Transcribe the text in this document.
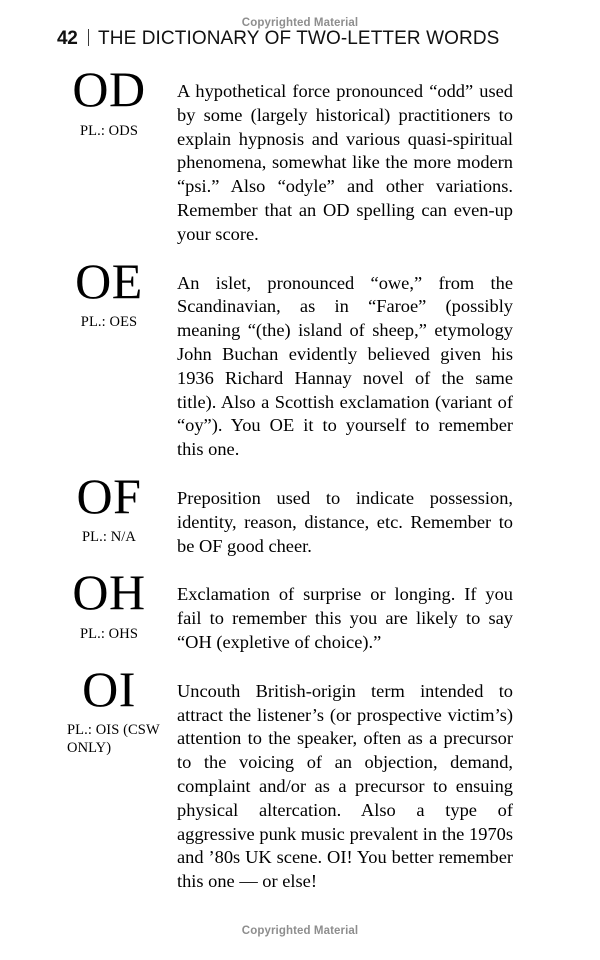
Copyrighted Material
42 THE DICTIONARY OF TWO-LETTER WORDS
OD
PL.: ODS
A hypothetical force pronounced “odd” used by some (largely historical) practitioners to explain hypnosis and various quasi-spiritual phenomena, somewhat like the more modern “psi.” Also “odyle” and other variations. Remember that an OD spelling can even-up your score.
OE
PL.: OES
An islet, pronounced “owe,” from the Scandinavian, as in “Faroe” (possibly meaning “(the) island of sheep,” etymology John Buchan evidently believed given his 1936 Richard Hannay novel of the same title). Also a Scottish exclamation (variant of “oy”). You OE it to yourself to remember this one.
OF
PL.: N/A
Preposition used to indicate possession, identity, reason, distance, etc. Remember to be OF good cheer.
OH
PL.: OHS
Exclamation of surprise or longing. If you fail to remember this you are likely to say “OH (expletive of choice).”
OI
PL.: OIS (CSW ONLY)
Uncouth British-origin term intended to attract the listener’s (or prospective victim’s) attention to the speaker, often as a precursor to the voicing of an objection, demand, complaint and/or as a precursor to ensuing physical altercation. Also a type of aggressive punk music prevalent in the 1970s and ’80s UK scene. OI! You better remember this one — or else!
Copyrighted Material
